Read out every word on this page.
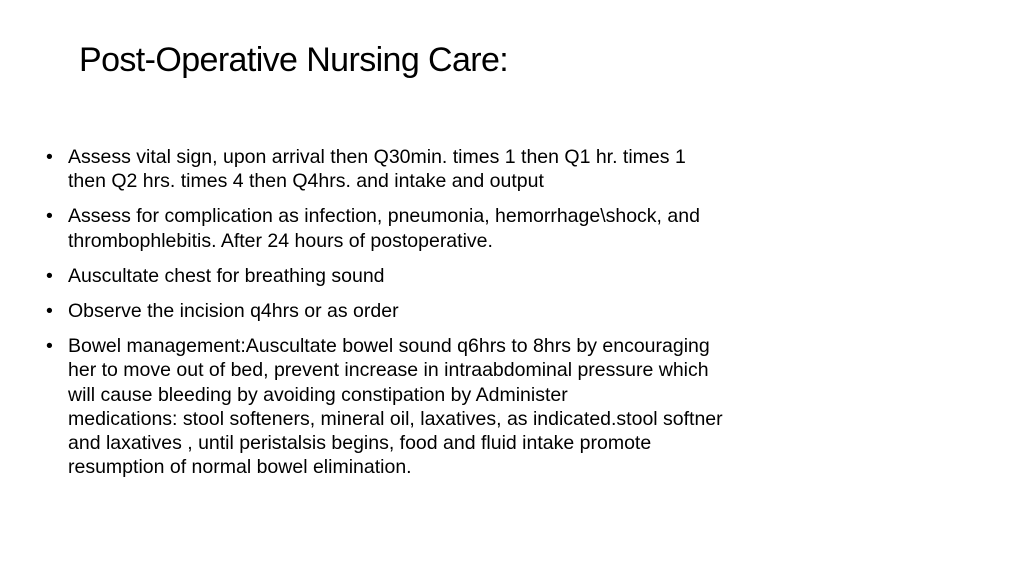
Post-Operative Nursing Care:
• Assess vital sign, upon arrival then Q30min. times 1 then Q1 hr. times 1
then Q2 hrs. times 4 then Q4hrs. and intake and output
• Assess for complication as infection, pneumonia, hemorrhage\shock, and
thrombophlebitis. After 24 hours of postoperative.
• Auscultate chest for breathing sound
• Observe the incision q4hrs or as order
• Bowel management:Auscultate bowel sound q6hrs to 8hrs by encouraging
her to move out of bed, prevent increase in intraabdominal pressure which
will cause bleeding by avoiding constipation by Administer
medications: stool softeners, mineral oil, laxatives, as indicated.stool softner
and laxatives , until peristalsis begins, food and fluid intake promote
resumption of normal bowel elimination.
